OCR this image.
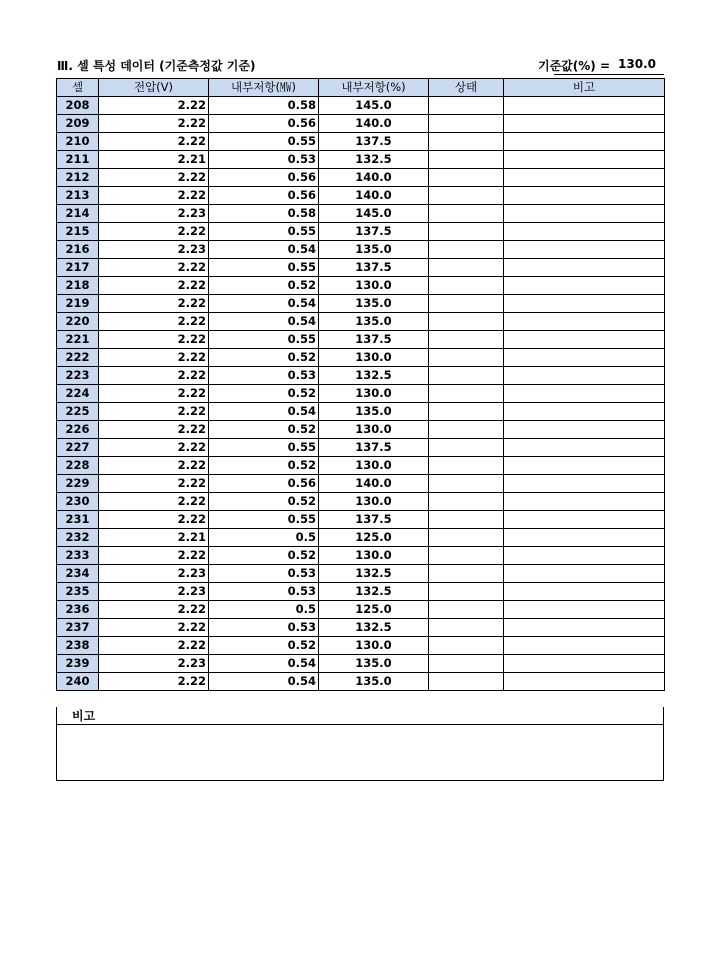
Ⅲ. 셀 특성 데이터 (기준측정값 기준)	기준값(%) = 130.0
셀	전압(V)	내부저항(㎿)	내부저항(%)	상태	비고
208	2.22	0.58	145.0		
209	2.22	0.56	140.0		
210	2.22	0.55	137.5		
211	2.21	0.53	132.5		
212	2.22	0.56	140.0		
213	2.22	0.56	140.0		
214	2.23	0.58	145.0		
215	2.22	0.55	137.5		
216	2.23	0.54	135.0		
217	2.22	0.55	137.5		
218	2.22	0.52	130.0		
219	2.22	0.54	135.0		
220	2.22	0.54	135.0		
221	2.22	0.55	137.5		
222	2.22	0.52	130.0		
223	2.22	0.53	132.5		
224	2.22	0.52	130.0		
225	2.22	0.54	135.0		
226	2.22	0.52	130.0		
227	2.22	0.55	137.5		
228	2.22	0.52	130.0		
229	2.22	0.56	140.0		
230	2.22	0.52	130.0		
231	2.22	0.55	137.5		
232	2.21	0.5	125.0		
233	2.22	0.52	130.0		
234	2.23	0.53	132.5		
235	2.23	0.53	132.5		
236	2.22	0.5	125.0		
237	2.22	0.53	132.5		
238	2.22	0.52	130.0		
239	2.23	0.54	135.0		
240	2.22	0.54	135.0		
비고
